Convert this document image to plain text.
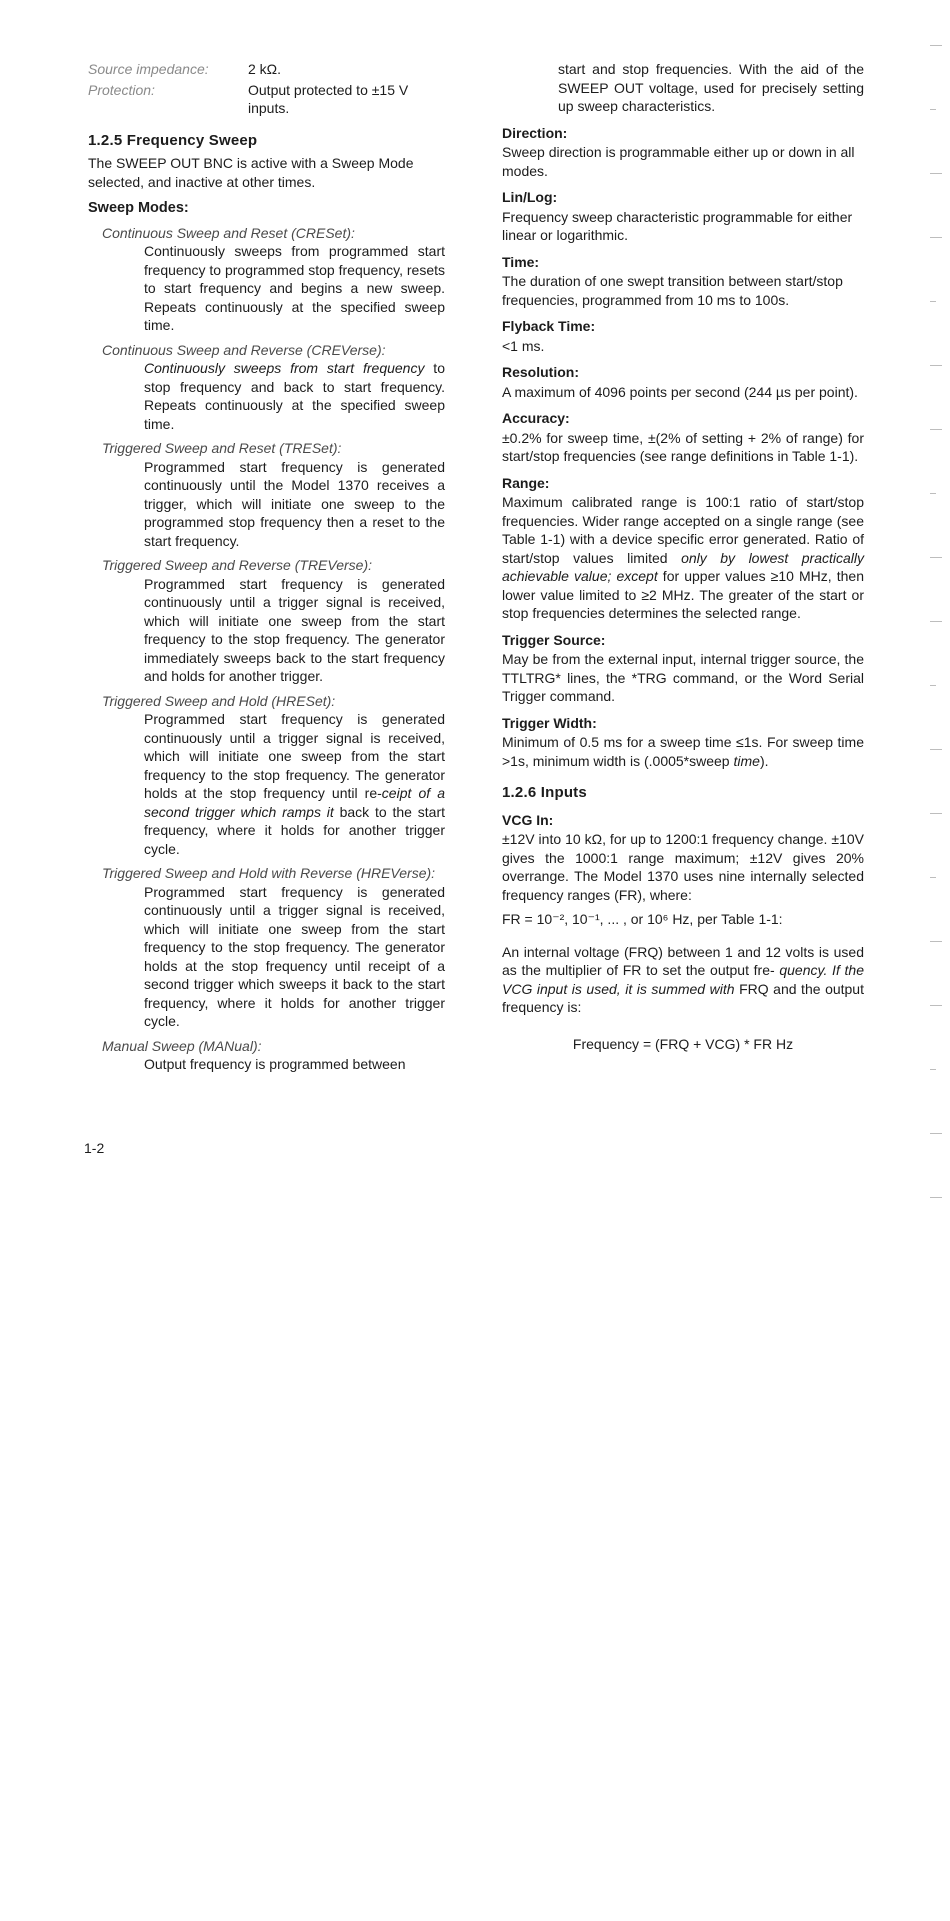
Source impedance:	2 kΩ.
Protection:	Output protected to ±15 V inputs.
1.2.5 Frequency Sweep

The SWEEP OUT BNC is active with a Sweep Mode selected, and inactive at other times.

Sweep Modes:
Continuous Sweep and Reset (CRESet):
Continuously sweeps from programmed start frequency to programmed stop frequency, resets to start frequency and begins a new sweep. Repeats continuously at the specified sweep time.
Continuous Sweep and Reverse (CREVerse):
Continuously sweeps from start frequency to stop frequency and back to start frequency. Repeats continuously at the specified sweep time.
Triggered Sweep and Reset (TRESet):
Programmed start frequency is generated continuously until the Model 1370 receives a trigger, which will initiate one sweep to the programmed stop frequency then a reset to the start frequency.
Triggered Sweep and Reverse (TREVerse):
Programmed start frequency is generated continuously until a trigger signal is received, which will initiate one sweep from the start frequency to the stop frequency. The generator immediately sweeps back to the start frequency and holds for another trigger.
Triggered Sweep and Hold (HRESet):
Programmed start frequency is generated continuously until a trigger signal is received, which will initiate one sweep from the start frequency to the stop frequency. The generator holds at the stop frequency until re-ceipt of a second trigger which ramps it back to the start frequency, where it holds for another trigger cycle.
Triggered Sweep and Hold with Reverse (HREVerse):
Programmed start frequency is generated continuously until a trigger signal is received, which will initiate one sweep from the start frequency to the stop frequency. The generator holds at the stop frequency until receipt of a second trigger which sweeps it back to the start frequency, where it holds for another trigger cycle.
Manual Sweep (MANual):
Output frequency is programmed between

start and stop frequencies. With the aid of the SWEEP OUT voltage, used for precisely setting up sweep characteristics.

Direction:

Sweep direction is programmable either up or down in all modes.

Lin/Log:

Frequency sweep characteristic programmable for either linear or logarithmic.

Time:

The duration of one swept transition between start/stop frequencies, programmed from 10 ms to 100s.

Flyback Time:

<1 ms.

Resolution:

A maximum of 4096 points per second (244 µs per point).

Accuracy:

±0.2% for sweep time, ±(2% of setting + 2% of range) for start/stop frequencies (see range definitions in Table 1-1).

Range:

Maximum calibrated range is 100:1 ratio of start/stop frequencies. Wider range accepted on a single range (see Table 1-1) with a device specific error generated. Ratio of start/stop values limited only by lowest practically achievable value; except for upper values ≥10 MHz, then lower value limited to ≥2 MHz. The greater of the start or stop frequencies determines the selected range.

Trigger Source:

May be from the external input, internal trigger source, the TTLTRG* lines, the *TRG command, or the Word Serial Trigger command.

Trigger Width:

Minimum of 0.5 ms for a sweep time ≤1s. For sweep time >1s, minimum width is (.0005*sweep time).

1.2.6 Inputs
VCG In:

±12V into 10 kΩ, for up to 1200:1 frequency change. ±10V gives the 1000:1 range maximum; ±12V gives 20% overrange. The Model 1370 uses nine internally selected frequency ranges (FR), where:

FR = 10⁻², 10⁻¹, ... , or 10⁶ Hz, per Table 1-1:

An internal voltage (FRQ) between 1 and 12 volts is used as the multiplier of FR to set the output fre- quency. If the VCG input is used, it is summed with FRQ and the output frequency is:

Frequency = (FRQ + VCG) * FR Hz

1-2
